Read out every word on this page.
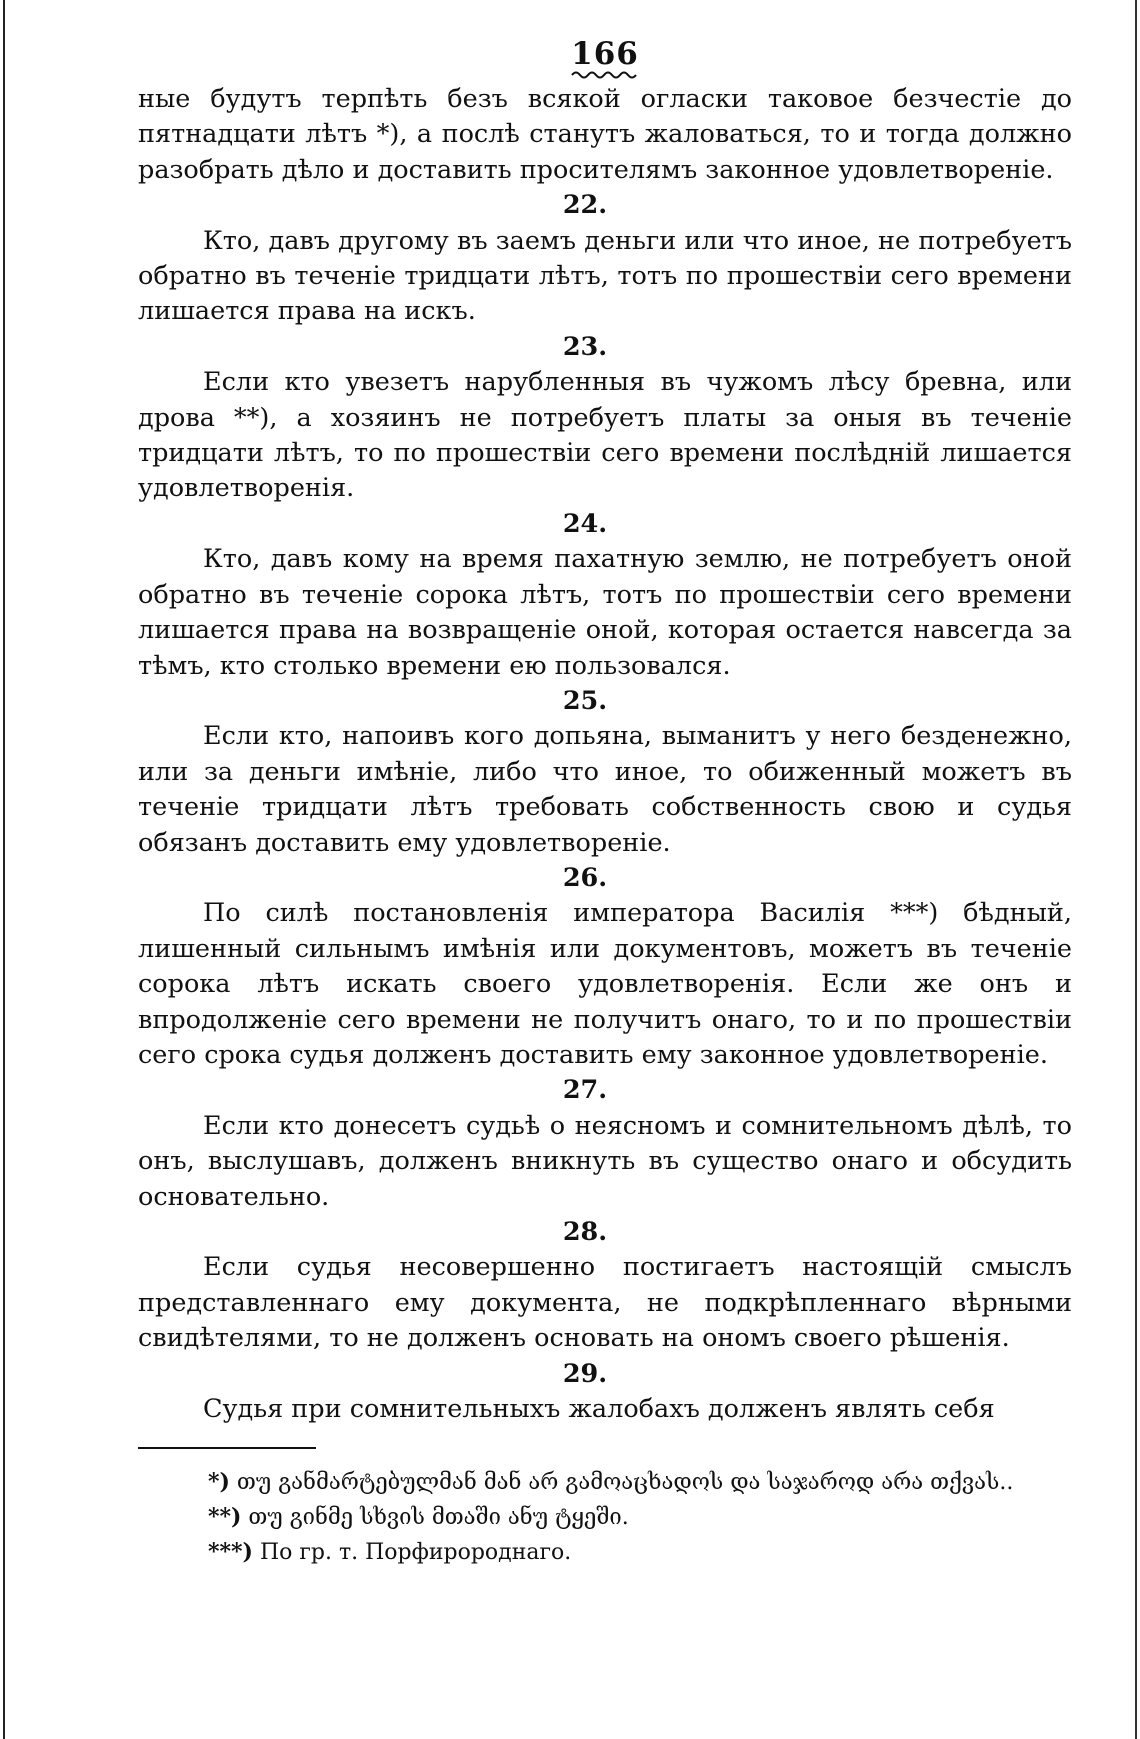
166

ные будутъ терпѣть безъ всякой огласки таковое безчестіе до пятнадцати лѣтъ *), а послѣ станутъ жаловаться, то и тогда должно разобрать дѣло и доставить просителямъ законное удовлетвореніе.

22.

Кто, давъ другому въ заемъ деньги или что иное, не потребуетъ обратно въ теченіе тридцати лѣтъ, тотъ по прошествіи сего времени лишается права на искъ.

23.

Если кто увезетъ нарубленныя въ чужомъ лѣсу бревна, или дрова **), а хозяинъ не потребуетъ платы за оныя въ теченіе тридцати лѣтъ, то по прошествіи сего времени послѣдній лишается удовлетворенія.

24.

Кто, давъ кому на время пахатную землю, не потребуетъ оной обратно въ теченіе сорока лѣтъ, тотъ по прошествіи сего времени лишается права на возвращеніе оной, которая остается навсегда за тѣмъ, кто столько времени ею пользовался.

25.

Если кто, напоивъ кого допьяна, выманитъ у него безденежно, или за деньги имѣніе, либо что иное, то обиженный можетъ въ теченіе тридцати лѣтъ требовать собственность свою и судья обязанъ доставить ему удовлетвореніе.

26.

По силѣ постановленія императора Василія ***) бѣдный, лишенный сильнымъ имѣнія или документовъ, можетъ въ теченіе сорока лѣтъ искать своего удовлетворенія. Если же онъ и впродолженіе сего времени не получитъ онаго, то и по прошествіи сего срока судья долженъ доставить ему законное удовлетвореніе.

27.

Если кто донесетъ судьѣ о неясномъ и сомнительномъ дѣлѣ, то онъ, выслушавъ, долженъ вникнуть въ существо онаго и обсудить основательно.

28.

Если судья несовершенно постигаетъ настоящій смыслъ представленнаго ему документа, не подкрѣпленнаго вѣрными свидѣтелями, то не долженъ основать на ономъ своего рѣшенія.

29.

Судья при сомнительныхъ жалобахъ долженъ являть себя

*) თუ განმარტებულმან მან არ გამოაცხადოს და საჯაროდ არა თქვას..

**) თუ გინმე სხვის მთაში ანუ ტყეში.

***) По гр. т. Порфиророднаго.
